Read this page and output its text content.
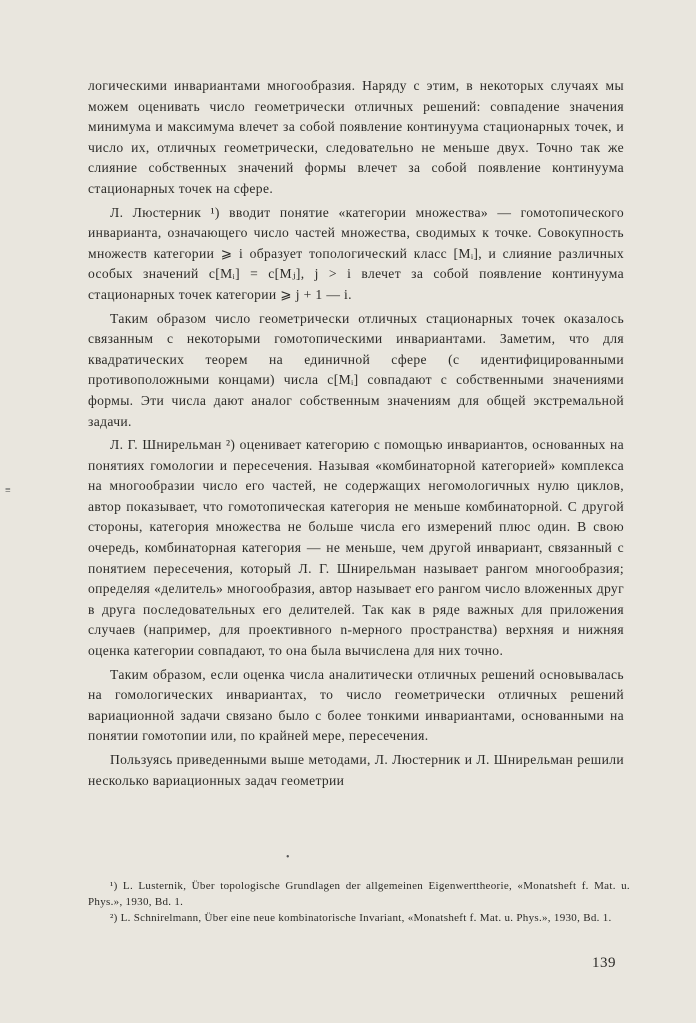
≡

логическими инвариантами многообразия. Наряду с этим, в некоторых случаях мы можем оценивать число геометрически отличных решений: совпадение значения минимума и максимума влечет за собой появление континуума стационарных точек, и число их, отличных геометрически, следовательно не меньше двух. Точно так же слияние собственных значений формы влечет за собой появление континуума стационарных точек на сфере.

Л. Люстерник ¹) вводит понятие «категории множества» — гомотопического инварианта, означающего число частей множества, сводимых к точке. Совокупность множеств категории ⩾ i образует топологический класс [Mᵢ], и слияние различных особых значений c[Mᵢ] = c[Mⱼ], j > i влечет за собой появление континуума стационарных точек категории ⩾ j + 1 — i.

Таким образом число геометрически отличных стационарных точек оказалось связанным с некоторыми гомотопическими инвариантами. Заметим, что для квадратических теорем на единичной сфере (с идентифицированными противоположными концами) числа c[Mᵢ] совпадают с собственными значениями формы. Эти числа дают аналог собственным значениям для общей экстремальной задачи.

Л. Г. Шнирельман ²) оценивает категорию с помощью инвариантов, основанных на понятиях гомологии и пересечения. Называя «комбинаторной категорией» комплекса на многообразии число его частей, не содержащих негомологичных нулю циклов, автор показывает, что гомотопическая категория не меньше комбинаторной. С другой стороны, категория множества не больше числа его измерений плюс один. В свою очередь, комбинаторная категория — не меньше, чем другой инвариант, связанный с понятием пересечения, который Л. Г. Шнирельман называет рангом многообразия; определяя «делитель» многообразия, автор называет его рангом число вложенных друг в друга последовательных его делителей. Так как в ряде важных для приложения случаев (например, для проективного n-мерного пространства) верхняя и нижняя оценка категории совпадают, то она была вычислена для них точно.

Таким образом, если оценка числа аналитически отличных решений основывалась на гомологических инвариантах, то число геометрически отличных решений вариационной задачи связано было с более тонкими инвариантами, основанными на понятии гомотопии или, по крайней мере, пересечения.

Пользуясь приведенными выше методами, Л. Люстерник и Л. Шнирельман решили несколько вариационных задач геометрии

•

¹) L. Lusternik, Über topologische Grundlagen der allgemeinen Eigenwerttheorie, «Monatsheft f. Mat. u. Phys.», 1930, Bd. 1.

²) L. Schnirelmann, Über eine neue kombinatorische Invariant, «Monatsheft f. Mat. u. Phys.», 1930, Bd. 1.

139
